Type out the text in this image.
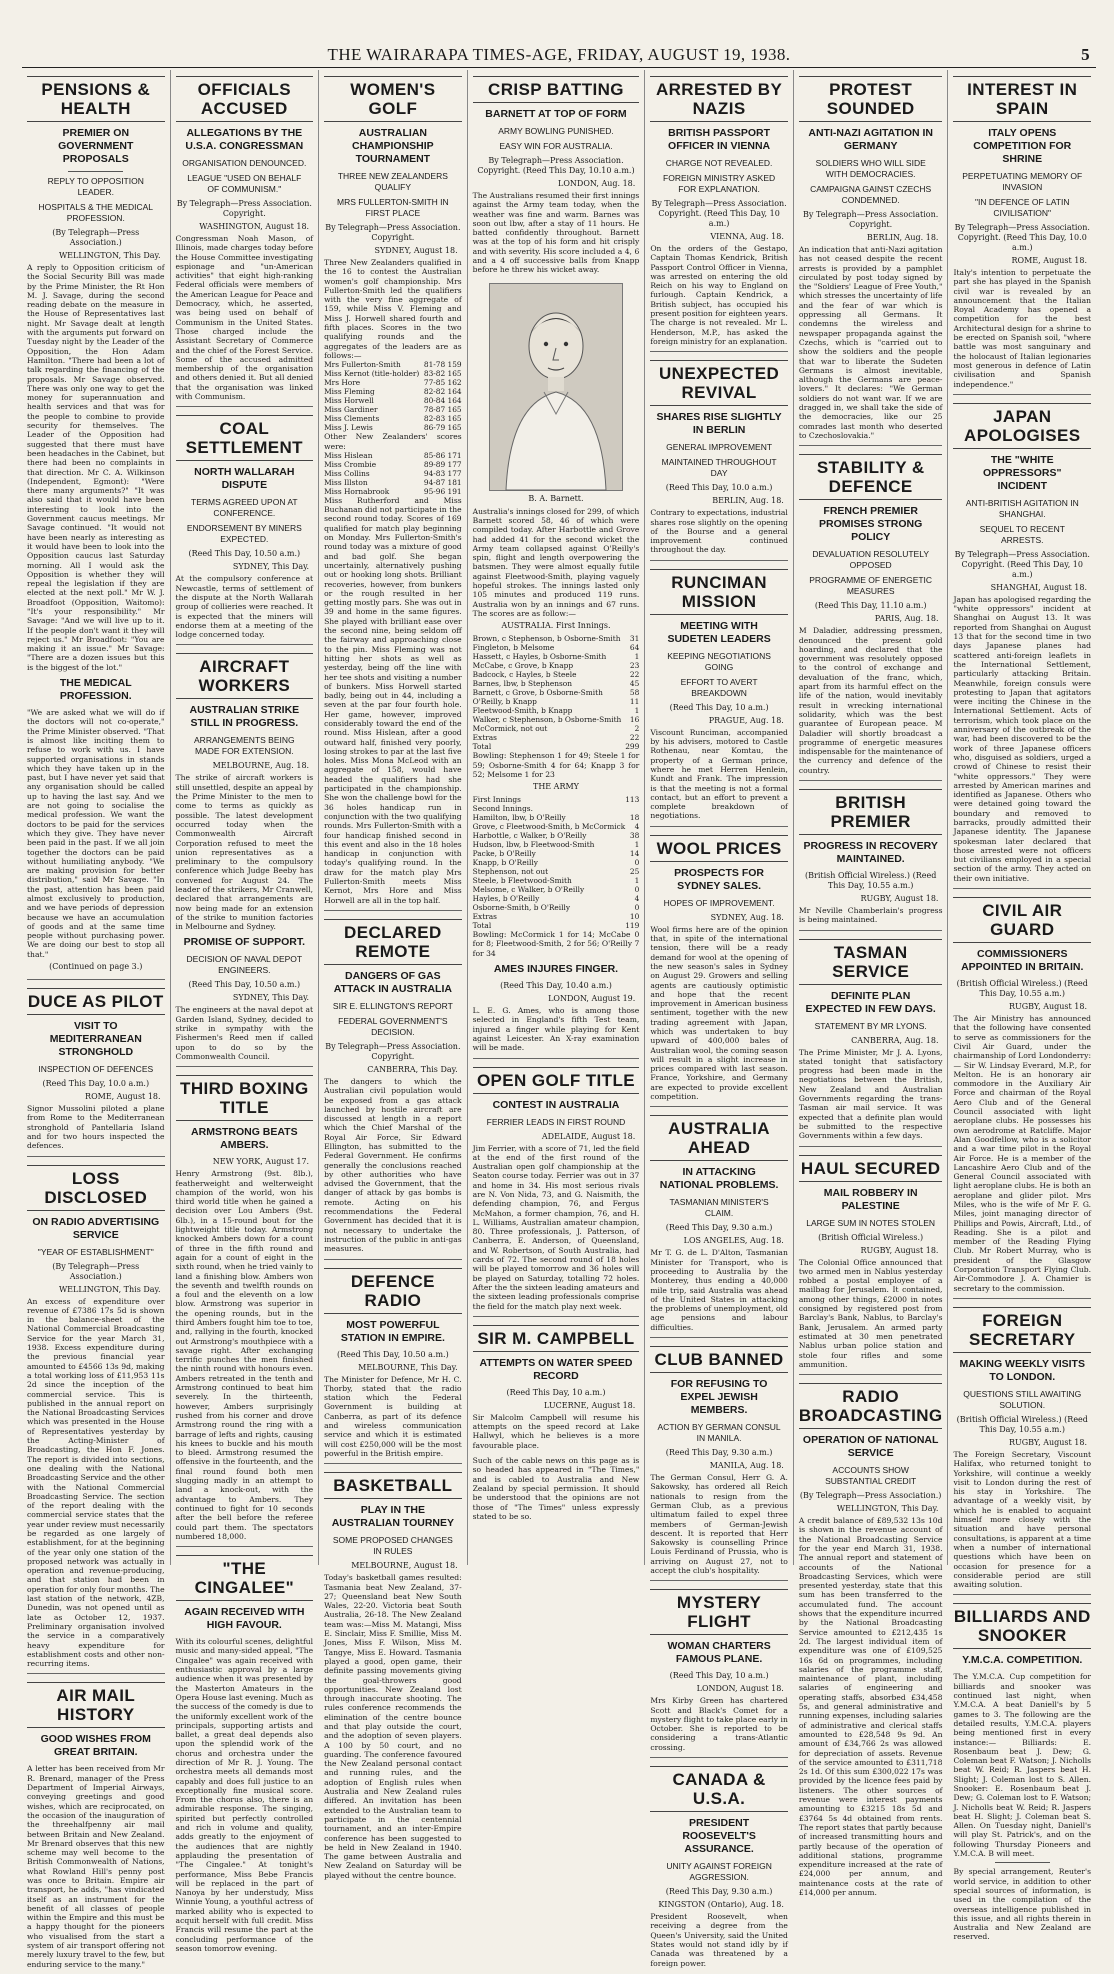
THE WAIRARAPA TIMES-AGE, FRIDAY, AUGUST 19, 1938.	5
PENSIONS & HEALTH
PREMIER ON GOVERNMENT PROPOSALS
REPLY TO OPPOSITION LEADER.
HOSPITALS & THE MEDICAL PROFESSION.
(By Telegraph—Press Association.)
WELLINGTON, This Day.
A reply to Opposition criticism of the Social Security Bill was made by the Prime Minister, the Rt Hon M. J. Savage, during the second reading debate on the measure in the House of Representatives last night. Mr Savage dealt at length with the arguments put forward on Tuesday night by the Leader of the Opposition, the Hon Adam Hamilton. "There had been a lot of talk regarding the financing of the proposals. Mr Savage observed. There was only one way to get the money for superannuation and health services and that was for the people to combine to provide security for themselves. The Leader of the Opposition had suggested that there must have been headaches in the Cabinet, but there had been no complaints in that direction. Mr C. A. Wilkinson (Independent, Egmont): "Were there many arguments?" "It was also said that it would have been interesting to look into the Government caucus meetings. Mr Savage continued. "It would not have been nearly as interesting as it would have been to look into the Opposition caucus last Saturday morning. All I would ask the Opposition is whether they will repeal the legislation if they are elected at the next poll." Mr W. J. Broadfoot (Opposition, Waitomo): "It's your responsibility." Mr Savage: "And we will live up to it. If the people don't want it they will reject us." Mr Broadfoot: "You are making it an issue." Mr Savage: "There are a dozen issues but this is the biggest of the lot."
THE MEDICAL PROFESSION.
"We are asked what we will do if the doctors will not co-operate," the Prime Minister observed. "That is almost like inciting them to refuse to work with us. I have supported organisations in stands which they have taken up in the past, but I have never yet said that any organisation should be called up to having the last say. And we are not going to socialise the medical profession. We want the doctors to be paid for the services which they give. They have never been paid in the past. If we all join together the doctors can be paid without humiliating anybody. "We are making provision for better distribution," said Mr Savage. "In the past, attention has been paid almost exclusively to production, and we have periods of depression because we have an accumulation of goods and at the same time people without purchasing power. We are doing our best to stop all that."
(Continued on page 3.)
DUCE AS PILOT
VISIT TO MEDITERRANEAN STRONGHOLD
INSPECTION OF DEFENCES
(Reed This Day, 10.0 a.m.)
ROME, August 18.
Signor Mussolini piloted a plane from Rome to the Mediterranean stronghold of Pantellaria Island and for two hours inspected the defences.
LOSS DISCLOSED
ON RADIO ADVERTISING SERVICE
"YEAR OF ESTABLISHMENT"
(By Telegraph—Press Association.)
WELLINGTON, This Day.
An excess of expenditure over revenue of £7386 17s 5d is shown in the balance-sheet of the National Commercial Broadcasting Service for the year March 31, 1938. Excess expenditure during the previous financial year amounted to £4566 13s 9d, making a total working loss of £11,953 11s 2d since the inception of the commercial service. This is published in the annual report on the National Broadcasting Services which was presented in the House of Representatives yesterday by the Acting-Minister of Broadcasting, the Hon F. Jones. The report is divided into sections, one dealing with the National Broadcasting Service and the other with the National Commercial Broadcasting Service. The section of the report dealing with the commercial service states that the year under review must necessarily be regarded as one largely of establishment, for at the beginning of the year only one station of the proposed network was actually in operation and revenue-producing, and that station had been in operation for only four months. The last station of the network, 4ZB, Dunedin, was not opened until as late as October 12, 1937. Preliminary organisation involved the service in a comparatively heavy expenditure for establishment costs and other non-recurring items.
AIR MAIL HISTORY
GOOD WISHES FROM GREAT BRITAIN.
A letter has been received from Mr R. Brenard, manager of the Press Department of Imperial Airways, conveying greetings and good wishes, which are reciprocated, on the occasion of the inauguration of the threehalfpenny air mail between Britain and New Zealand. Mr Brenard observes that this new scheme may well become to the British Commonwealth of Nations, what Rowland Hill's penny post was once to Britain. Empire air transport, he adds, "has vindicated itself as an instrument for the benefit of all classes of people within the Empire and this must be a happy thought for the pioneers who visualised from the start a system of air transport offering not merely luxury travel to the few, but enduring service to the many."
OFFICIALS ACCUSED
ALLEGATIONS BY THE U.S.A. CONGRESSMAN
ORGANISATION DENOUNCED.
LEAGUE "USED ON BEHALF OF COMMUNISM."
By Telegraph—Press Association. Copyright.
WASHINGTON, August 18.
Congressman Noah Mason, of Illinois, made charges today before the House Committee investigating espionage and "un-American activities" that eight high-ranking Federal officials were members of the American League for Peace and Democracy, which, he asserted, was being used on behalf of Communism in the United States. Those charged include the Assistant Secretary of Commerce and the chief of the Forest Service. Some of the accused admitted membership of the organisation and others denied it. But all denied that the organisation was linked with Communism.
COAL SETTLEMENT
NORTH WALLARAH DISPUTE
TERMS AGREED UPON AT CONFERENCE.
ENDORSEMENT BY MINERS EXPECTED.
(Reed This Day, 10.50 a.m.)
SYDNEY, This Day.
At the compulsory conference at Newcastle, terms of settlement of the dispute at the North Wallarah group of collieries were reached. It is expected that the miners will endorse them at a meeting of the lodge concerned today.
AIRCRAFT WORKERS
AUSTRALIAN STRIKE STILL IN PROGRESS.
ARRANGEMENTS BEING MADE FOR EXTENSION.
MELBOURNE, Aug. 18.
The strike of aircraft workers is still unsettled, despite an appeal by the Prime Minister to the men to come to terms as quickly as possible. The latest development occurred today when the Commonwealth Aircraft Corporation refused to meet the union representatives as a preliminary to the compulsory conference which Judge Beeby has convened for August 24. The leader of the strikers, Mr Cranwell, declared that arrangements are now being made for an extension of the strike to munition factories in Melbourne and Sydney.
PROMISE OF SUPPORT.
DECISION OF NAVAL DEPOT ENGINEERS.
(Reed This Day, 10.50 a.m.)
SYDNEY, This Day.
The engineers at the naval depot at Garden Island, Sydney, decided to strike in sympathy with the Fishermen's Reed men if called upon to do so by the Commonwealth Council.
THIRD BOXING TITLE
ARMSTRONG BEATS AMBERS.
NEW YORK, August 17.
Henry Armstrong (9st. 8lb.), featherweight and welterweight champion of the world, won his third world title when he gained a decision over Lou Ambers (9st. 6lb.), in a 15-round bout for the lightweight title today. Armstrong knocked Ambers down for a count of three in the fifth round and again for a count of eight in the sixth round, when he tried vainly to land a finishing blow. Ambers won the seventh and twelfth rounds on a foul and the eleventh on a low blow. Armstrong was superior in the opening rounds, but in the third Ambers fought him toe to toe, and, rallying in the fourth, knocked out Armstrong's mouthpiece with a savage right. After exchanging terrific punches the men finished the ninth round with honours even. Ambers retreated in the tenth and Armstrong continued to beat him severely. In the thirteenth, however, Ambers surprisingly rushed from his corner and drove Armstrong round the ring with a barrage of lefts and rights, causing his knees to buckle and his mouth to bleed. Armstrong resumed the offensive in the fourteenth, and the final round found both men slugging madly in an attempt to land a knock-out, with the advantage to Ambers. They continued to fight for 10 seconds after the bell before the referee could part them. The spectators numbered 18,000.
"THE CINGALEE"
AGAIN RECEIVED WITH HIGH FAVOUR.
With its colourful scenes, delightful music and many-sided appeal, "The Cingalee" was again received with enthusiastic approval by a large audience when it was presented by the Masterton Amateurs in the Opera House last evening. Much as the success of the comedy is due to the uniformly excellent work of the principals, supporting artists and ballet, a great deal depends also upon the splendid work of the chorus and orchestra under the direction of Mr R. J. Young. The orchestra meets all demands most capably and does full justice to an exceptionally fine musical score. From the chorus also, there is an admirable response. The singing, spirited but perfectly controlled and rich in volume and quality, adds greatly to the enjoyment of the audiences that are nightly applauding the presentation of "The Cingalee." At tonight's performance, Miss Bebe Francis will be replaced in the part of Nanoya by her understudy, Miss Winnie Young, a youthful actress of marked ability who is expected to acquit herself with full credit. Miss Francis will resume the part at the concluding performance of the season tomorrow evening.
WOMEN'S GOLF
AUSTRALIAN CHAMPIONSHIP TOURNAMENT
THREE NEW ZEALANDERS QUALIFY
MRS FULLERTON-SMITH IN FIRST PLACE
By Telegraph—Press Association. Copyright.
SYDNEY, August 18.
Three New Zealanders qualified in the 16 to contest the Australian women's golf championship. Mrs Fullerton-Smith led the qualifiers with the very fine aggregate of 159, while Miss V. Fleming and Miss J. Horwell shared fourth and fifth places. Scores in the two qualifying rounds and the aggregates of the leaders are as follows:—
Mrs Fullerton-Smith	81-78 159
Miss Kernot (title-holder)	83-82 165
Mrs Hore	77-85 162
Miss Fleming	82-82 164
Miss Horwell	80-84 164
Miss Gardiner	78-87 165
Miss Clements	82-83 165
Miss J. Lewis	86-79 165
Other New Zealanders' scores were:
Miss Hislean	85-86 171
Miss Crombie	89-89 177
Miss Collins	94-83 177
Miss Illston	94-87 181
Miss Hornabrook	95-96 191
Miss Rutherford and Miss Buchanan did not participate in the second round today. Scores of 169 qualified for match play beginning on Monday. Mrs Fullerton-Smith's round today was a mixture of good and bad golf. She began uncertainly, alternatively pushing out or hooking long shots. Brilliant recoveries, however, from bunkers or the rough resulted in her getting mostly pars. She was out in 39 and home in the same figures. She played with brilliant ease over the second nine, being seldom off the fairway and approaching close to the pin. Miss Fleming was not hitting her shots as well as yesterday, being off the line with her tee shots and visiting a number of bunkers. Miss Horwell started badly, being out in 44, including a seven at the par four fourth hole. Her game, however, improved considerably toward the end of the round. Miss Hislean, after a good outward half, finished very poorly, losing strokes to par at the last five holes. Miss Mona McLeod with an aggregate of 158, would have headed the qualifiers had she participated in the championship. She won the challenge bowl for the 36 holes handicap run in conjunction with the two qualifying rounds. Mrs Fullerton-Smith with a four handicap finished second in this event and also in the 18 holes handicap in conjunction with today's qualifying round. In the draw for the match play Mrs Fullerton-Smith meets Miss Kernot, Mrs Hore and Miss Horwell are all in the top half.
DECLARED REMOTE
DANGERS OF GAS ATTACK IN AUSTRALIA
SIR E. ELLINGTON'S REPORT
FEDERAL GOVERNMENT'S DECISION.
By Telegraph—Press Association. Copyright.
CANBERRA, This Day.
The dangers to which the Australian civil population would be exposed from a gas attack launched by hostile aircraft are discussed at length in a report which the Chief Marshal of the Royal Air Force, Sir Edward Ellington, has submitted to the Federal Government. He confirms generally the conclusions reached by other authorities who have advised the Government, that the danger of attack by gas bombs is remote. Acting on his recommendations the Federal Government has decided that it is not necessary to undertake the instruction of the public in anti-gas measures.
DEFENCE RADIO
MOST POWERFUL STATION IN EMPIRE.
(Reed This Day, 10.50 a.m.)
MELBOURNE, This Day.
The Minister for Defence, Mr H. C. Thorby, stated that the radio station which the Federal Government is building at Canberra, as part of its defence and wireless communication service and which it is estimated will cost £250,000 will be the most powerful in the British empire.
BASKETBALL
PLAY IN THE AUSTRALIAN TOURNEY
SOME PROPOSED CHANGES IN RULES
MELBOURNE, August 18.
Today's basketball games resulted: Tasmania beat New Zealand, 37-27; Queensland beat New South Wales, 22-20. Victoria beat South Australia, 26-18. The New Zealand team was:—Miss M. Matangi, Miss E. Sinclair, Miss F. Smillie, Miss M. Jones, Miss F. Wilson, Miss M. Tangye, Miss E. Howard. Tasmania played a good, open game, their definite passing movements giving the goal-throwers good opportunities. New Zealand lost through inaccurate shooting. The rules conference recommends the elimination of the centre bounce and that play outside the court, and the adoption of seven players. A 100 by 50 court, and no guarding. The conference favoured the New Zealand personal contact and running rules, and the adoption of English rules when Australia and New Zealand rules differed. An invitation has been extended to the Australian team to participate in the centennial tournament, and an inter-Empire conference has been suggested to be held in New Zealand in 1940. The game between Australia and New Zealand on Saturday will be played without the centre bounce.
CRISP BATTING
BARNETT AT TOP OF FORM
ARMY BOWLING PUNISHED.
EASY WIN FOR AUSTRALIA.
By Telegraph—Press Association. Copyright. (Reed This Day, 10.10 a.m.)
LONDON, Aug. 18.
The Australians resumed their first innings against the Army team today, when the weather was fine and warm. Barnes was soon out lbw, after a stay of 11 hours. He batted confidently throughout. Barnett was at the top of his form and hit crisply and with severity. His score included a 4, 6 and a 4 off successive balls from Knapp before he threw his wicket away.
B. A. Barnett.
Australia's innings closed for 299, of which Barnett scored 58, 46 of which were compiled today. After Harbottle and Grove had added 41 for the second wicket the Army team collapsed against O'Reilly's spin, flight and length overpowering the batsmen. They were almost equally futile against Fleetwood-Smith, playing vaguely hopeful strokes. The innings lasted only 105 minutes and produced 119 runs. Australia won by an innings and 67 runs. The scores are as follow:—
AUSTRALIA. First Innings.
Brown, c Stephenson, b Osborne-Smith	31
Fingleton, b Melsome	64
Hassett, c Hayles, b Osborne-Smith	1
McCabe, c Grove, b Knapp	23
Badcock, c Hayles, b Steele	22
Barnes, lbw, b Stephenson	45
Barnett, c Grove, b Osborne-Smith	58
O'Reilly, b Knapp	11
Fleetwood-Smith, b Knapp	1
Walker, c Stephenson, b Osborne-Smith	16
McCormick, not out	2
Extras	22
Total	299
Bowling: Stephenson 1 for 49; Steele 1 for 59; Osborne-Smith 4 for 64; Knapp 3 for 52; Melsome 1 for 23
THE ARMY
First Innings	113
Second Innings.	
Hamilton, lbw, b O'Reilly	18
Grove, c Fleetwood-Smith, b McCormick	4
Harbottle, c Walker, b O'Reilly	38
Hudson, lbw, b Fleetwood-Smith	1
Packe, b O'Reilly	14
Knapp, b O'Reilly	0
Stephenson, not out	25
Steele, b Fleetwood-Smith	1
Melsome, c Walker, b O'Reilly	0
Hayles, b O'Reilly	4
Osborne-Smith, b O'Reilly	0
Extras	10
Total	119
Bowling: McCormick 1 for 14; McCabe 0 for 8; Fleetwood-Smith, 2 for 56; O'Reilly 7 for 34
AMES INJURES FINGER.
(Reed This Day, 10.40 a.m.)
LONDON, August 19.
L. E. G. Ames, who is among those selected in England's fifth Test team, injured a finger while playing for Kent against Leicester. An X-ray examination will be made.
OPEN GOLF TITLE
CONTEST IN AUSTRALIA
FERRIER LEADS IN FIRST ROUND
ADELAIDE, August 18.
Jim Ferrier, with a score of 71, led the field at the end of the first round of the Australian open golf championship at the Seaton course today. Ferrier was out in 37 and home in 34. His most serious rivals are N. Von Nida, 73, and G. Naismith, the defending champion, 76, and Fergus McMahon, a former champion, 76, and H. L. Williams, Australian amateur champion, 80. Three professionals, J. Patterson, of Canberra, E. Anderson, of Queensland, and W. Robertson, of South Australia, had cards of 72. The second round of 18 holes will be played tomorrow and 36 holes will be played on Saturday, totalling 72 holes. After the the sixteen leading amateurs and the sixteen leading professionals comprise the field for the match play next week.
SIR M. CAMPBELL
ATTEMPTS ON WATER SPEED RECORD
(Reed This Day, 10 a.m.)
LUCERNE, August 18.
Sir Malcolm Campbell will resume his attempts on the speed record at Lake Hallwyl, which he believes is a more favourable place.
Such of the cable news on this page as is so headed has appeared in "The Times," and is cabled to Australia and New Zealand by special permission. It should be understood that the opinions are not those of "The Times" unless expressly stated to be so.
ARRESTED BY NAZIS
BRITISH PASSPORT OFFICER IN VIENNA
CHARGE NOT REVEALED.
FOREIGN MINISTRY ASKED FOR EXPLANATION.
By Telegraph—Press Association. Copyright. (Reed This Day, 10 a.m.)
VIENNA, Aug. 18.
On the orders of the Gestapo, Captain Thomas Kendrick, British Passport Control Officer in Vienna, was arrested on entering the old Reich on his way to England on furlough. Captain Kendrick, a British subject, has occupied his present position for eighteen years. The charge is not revealed. Mr L. Henderson, M.P., has asked the foreign ministry for an explanation.
UNEXPECTED REVIVAL
SHARES RISE SLIGHTLY IN BERLIN
GENERAL IMPROVEMENT
MAINTAINED THROUGHOUT DAY
(Reed This Day, 10.0 a.m.)
BERLIN, Aug. 18.
Contrary to expectations, industrial shares rose slightly on the opening of the Bourse and a general improvement continued throughout the day.
RUNCIMAN MISSION
MEETING WITH SUDETEN LEADERS
KEEPING NEGOTIATIONS GOING
EFFORT TO AVERT BREAKDOWN
(Reed This Day, 10 a.m.)
PRAGUE, Aug. 18.
Viscount Runciman, accompanied by his advisers, motored to Castle Rothenau, near Komtau, the property of a German prince, where he met Herren Henlein, Kundt and Frank. The impression is that the meeting is not a formal contact, but an effort to prevent a complete breakdown of negotiations.
WOOL PRICES
PROSPECTS FOR SYDNEY SALES.
HOPES OF IMPROVEMENT.
SYDNEY, Aug. 18.
Wool firms here are of the opinion that, in spite of the international tension, there will be a ready demand for wool at the opening of the new season's sales in Sydney on August 29. Growers and selling agents are cautiously optimistic and hope that the recent improvement in American business sentiment, together with the new trading agreement with Japan, which was undertaken to buy upward of 400,000 bales of Australian wool, the coming season will result in a slight increase in prices compared with last season. France, Yorkshire, and Germany are expected to provide excellent competition.
AUSTRALIA AHEAD
IN ATTACKING NATIONAL PROBLEMS.
TASMANIAN MINISTER'S CLAIM.
(Reed This Day, 9.30 a.m.)
LOS ANGELES, Aug. 18.
Mr T. G. de L. D'Alton, Tasmanian Minister for Transport, who is proceeding to Australia by the Monterey, thus ending a 40,000 mile trip, said Australia was ahead of the United States in attacking the problems of unemployment, old age pensions and labour difficulties.
CLUB BANNED
FOR REFUSING TO EXPEL JEWISH MEMBERS.
ACTION BY GERMAN CONSUL IN MANILA.
(Reed This Day, 9.30 a.m.)
MANILA, Aug. 18.
The German Consul, Herr G. A. Sakowsky, has ordered all Reich nationals to resign from the German Club, as a previous ultimatum failed to expel three members of German-Jewish descent. It is reported that Herr Sakowsky is counselling Prince Louis Ferdinand of Prussia, who is arriving on August 27, not to accept the club's hospitality.
MYSTERY FLIGHT
WOMAN CHARTERS FAMOUS PLANE.
(Reed This Day, 10 a.m.)
LONDON, August 18.
Mrs Kirby Green has chartered Scott and Black's Comet for a mystery flight to take place early in October. She is reported to be considering a trans-Atlantic crossing.
CANADA & U.S.A.
PRESIDENT ROOSEVELT'S ASSURANCE.
UNITY AGAINST FOREIGN AGGRESSION.
(Reed This Day, 9.30 a.m.)
KINGSTON (Ontario), Aug. 18.
President Roosevelt, when receiving a degree from the Queen's University, said the United States would not stand idly by if Canada was threatened by a foreign power.
PROTEST SOUNDED
ANTI-NAZI AGITATION IN GERMANY
SOLDIERS WHO WILL SIDE WITH DEMOCRACIES.
CAMPAIGNA GAINST CZECHS CONDEMNED.
By Telegraph—Press Association. Copyright.
BERLIN, Aug. 18.
An indication that anti-Nazi agitation has not ceased despite the recent arrests is provided by a pamphlet circulated by post today signed by the "Soldiers' League of Free Youth," which stresses the uncertainty of life and the fear of war which is oppressing all Germans. It condemns the wireless and newspaper propaganda against the Czechs, which is "carried out to show the soldiers and the people that war to liberate the Sudeten Germans is almost inevitable, although the Germans are peace-lovers." It declares: "We German soldiers do not want war. If we are dragged in, we shall take the side of the democracies, like our 25 comrades last month who deserted to Czechoslovakia."
STABILITY & DEFENCE
FRENCH PREMIER PROMISES STRONG POLICY
DEVALUATION RESOLUTELY OPPOSED
PROGRAMME OF ENERGETIC MEASURES
(Reed This Day, 11.10 a.m.)
PARIS, Aug. 18.
M Daladier, addressing pressmen, denounced the present gold hoarding, and declared that the government was resolutely opposed to the control of exchange and devaluation of the franc, which, apart from its harmful effect on the life of the nation, would inevitably result in wrecking international solidarity, which was the best guarantee of European peace. M Daladier will shortly broadcast a programme of energetic measures indispensable for the maintenance of the currency and defence of the country.
BRITISH PREMIER
PROGRESS IN RECOVERY MAINTAINED.
(British Official Wireless.) (Reed This Day, 10.55 a.m.)
RUGBY, August 18.
Mr Neville Chamberlain's progress is being maintained.
TASMAN SERVICE
DEFINITE PLAN EXPECTED IN FEW DAYS.
STATEMENT BY MR LYONS.
CANBERRA, Aug. 18.
The Prime Minister, Mr J. A. Lyons, stated tonight that satisfactory progress had been made in the negotiations between the British, New Zealand and Australian Governments regarding the trans-Tasman air mail service. It was expected that a definite plan would be submitted to the respective Governments within a few days.
HAUL SECURED
MAIL ROBBERY IN PALESTINE
LARGE SUM IN NOTES STOLEN
(British Official Wireless.)
RUGBY, August 18.
The Colonial Office announced that two armed men in Nablus yesterday robbed a postal employee of a mailbag for Jerusalem. It contained, among other things, £2000 in notes consigned by registered post from Barclay's Bank, Nablus, to Barclay's Bank, Jerusalem. An armed party estimated at 30 men penetrated Nablus urban police station and stole four rifles and some ammunition.
RADIO BROADCASTING
OPERATION OF NATIONAL SERVICE
ACCOUNTS SHOW SUBSTANTIAL CREDIT
(By Telegraph—Press Association.)
WELLINGTON, This Day.
A credit balance of £89,532 13s 10d is shown in the revenue account of the National Broadcasting Service for the year end March 31, 1938. The annual report and statement of accounts of the National Broadcasting Services, which were presented yesterday, state that this sum has been transferred to the accumulated fund. The account shows that the expenditure incurred by the National Broadcasting Service amounted to £212,435 1s 2d. The largest individual item of expenditure was one of £109,525 16s 6d on programmes, including salaries of the programme staff, maintenance of plant, including salaries of engineering and operating staffs, absorbed £34,458 5s, and general administrative and running expenses, including salaries of administrative and clerical staffs amounted to £28,548 9s 9d. An amount of £34,766 2s was allowed for depreciation of assets. Revenue of the service amounted to £311,718 2s 1d. Of this sum £300,022 17s was provided by the licence fees paid by listeners. The other sources of revenue were interest payments amounting to £3215 18s 5d and £3764 5s 4d obtained from rents. The report states that partly because of increased transmitting hours and partly because of the operation of additional stations, programme expenditure increased at the rate of £24,000 per annum, and maintenance costs at the rate of £14,000 per annum.
INTEREST IN SPAIN
ITALY OPENS COMPETITION FOR SHRINE
PERPETUATING MEMORY OF INVASION
"IN DEFENCE OF LATIN CIVILISATION"
By Telegraph—Press Association. Copyright. (Reed This Day, 10.0 a.m.)
ROME, August 18.
Italy's intention to perpetuate the part she has played in the Spanish civil war is revealed by an announcement that the Italian Royal Academy has opened a competition for the best Architectural design for a shrine to be erected on Spanish soil, "where battle was most sanguinary and the holocaust of Italian legionaries most generous in defence of Latin civilisation and Spanish independence."
JAPAN APOLOGISES
THE "WHITE OPPRESSORS" INCIDENT
ANTI-BRITISH AGITATION IN SHANGHAI.
SEQUEL TO RECENT ARRESTS.
By Telegraph—Press Association. Copyright. (Reed This Day, 10 a.m.)
SHANGHAI, August 18.
Japan has apologised regarding the "white oppressors" incident at Shanghai on August 13. It was reported from Shanghai on August 13 that for the second time in two days Japanese planes had scattered anti-foreign leaflets in the International Settlement, particularly attacking Britain. Meanwhile, foreign consuls were protesting to Japan that agitators were inciting the Chinese in the International Settlement. Acts of terrorism, which took place on the anniversary of the outbreak of the war, had been discovered to be the work of three Japanese officers who, disguised as soldiers, urged a crowd of Chinese to resist their "white oppressors." They were arrested by American marines and identified as Japanese. Others who were detained going toward the boundary and removed to barracks, proudly admitted their Japanese identity. The Japanese spokesman later declared that those arrested were not officers but civilians employed in a special section of the army. They acted on their own initiative.
CIVIL AIR GUARD
COMMISSIONERS APPOINTED IN BRITAIN.
(British Official Wireless.) (Reed This Day, 10.55 a.m.)
RUGBY, August 18.
The Air Ministry has announced that the following have consented to serve as commissioners for the Civil Air Guard, under the chairmanship of Lord Londonderry:— Sir W. Lindsay Everard, M.P., for Melton. He is an honorary air commodore in the Auxiliary Air Force and chairman of the Royal Aero Club and of the General Council associated with light aeroplane clubs. He possesses his own aerodrome at Ratcliffe. Major Alan Goodfellow, who is a solicitor and a war time pilot in the Royal Air Force. He is a member of the Lancashire Aero Club and of the General Council associated with light aeroplane clubs. He is both an aeroplane and glider pilot. Mrs Miles, who is the wife of Mr F. G. Miles, joint managing director of Phillips and Powis, Aircraft, Ltd., of Reading. She is a pilot and member of the Reading Flying Club. Mr Robert Murray, who is president of the Glasgow Corporation Transport Flying Club. Air-Commodore J. A. Chamier is secretary to the commission.
FOREIGN SECRETARY
MAKING WEEKLY VISITS TO LONDON.
QUESTIONS STILL AWAITING SOLUTION.
(British Official Wireless.) (Reed This Day, 10.55 a.m.)
RUGBY, August 18.
The Foreign Secretary, Viscount Halifax, who returned tonight to Yorkshire, will continue a weekly visit to London during the rest of his stay in Yorkshire. The advantage of a weekly visit, by which he is enabled to acquaint himself more closely with the situation and have personal consultations, is apparent at a time when a number of international questions which have been on occasion for presence for a considerable period are still awaiting solution.
BILLIARDS AND SNOOKER
Y.M.C.A. COMPETITION.
The Y.M.C.A. Cup competition for billiards and snooker was continued last night, when Y.M.C.A. A beat Daniell's by 5 games to 3. The following are the detailed results, Y.M.C.A. players being mentioned first in every instance:— Billiards: E. Rosenbaum beat J. Dew; G. Coleman beat F. Watson; J. Nicholls beat W. Reid; R. Jaspers beat H. Slight; J. Coleman lost to S. Allen. Snooker: E. Rosenbaum beat J. Dew; G. Coleman lost to F. Watson; J. Nicholls beat W. Reid; R. Jaspers beat H. Slight; J. Coleman beat S. Allen. On Tuesday night, Daniell's will play St. Patrick's, and on the following Thursday Pioneers and Y.M.C.A. B will meet.
By special arrangement, Reuter's world service, in addition to other special sources of information, is used in the compilation of the overseas intelligence published in this issue, and all rights therein in Australia and New Zealand are reserved.
